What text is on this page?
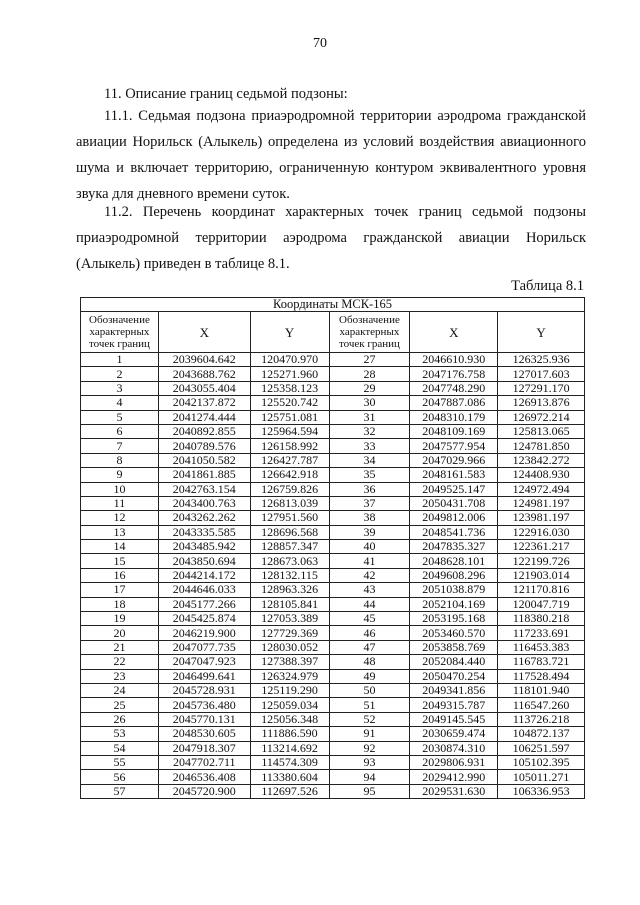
70
11. Описание границ седьмой подзоны:
11.1. Седьмая подзона приаэродромной территории аэродрома гражданской авиации Норильск (Алыкель) определена из условий воздействия авиационного шума и включает территорию, ограниченную контуром эквивалентного уровня звука для дневного времени суток.
11.2. Перечень координат характерных точек границ седьмой подзоны приаэродромной территории аэродрома гражданской авиации Норильск (Алыкель) приведен в таблице 8.1.
Таблица 8.1
Координаты МСК-165					
Обозначение характерных точек границ	X	Y	Обозначение характерных точек границ	X	Y
1	2039604.642	120470.970	27	2046610.930	126325.936
2	2043688.762	125271.960	28	2047176.758	127017.603
3	2043055.404	125358.123	29	2047748.290	127291.170
4	2042137.872	125520.742	30	2047887.086	126913.876
5	2041274.444	125751.081	31	2048310.179	126972.214
6	2040892.855	125964.594	32	2048109.169	125813.065
7	2040789.576	126158.992	33	2047577.954	124781.850
8	2041050.582	126427.787	34	2047029.966	123842.272
9	2041861.885	126642.918	35	2048161.583	124408.930
10	2042763.154	126759.826	36	2049525.147	124972.494
11	2043400.763	126813.039	37	2050431.708	124981.197
12	2043262.262	127951.560	38	2049812.006	123981.197
13	2043335.585	128696.568	39	2048541.736	122916.030
14	2043485.942	128857.347	40	2047835.327	122361.217
15	2043850.694	128673.063	41	2048628.101	122199.726
16	2044214.172	128132.115	42	2049608.296	121903.014
17	2044646.033	128963.326	43	2051038.879	121170.816
18	2045177.266	128105.841	44	2052104.169	120047.719
19	2045425.874	127053.389	45	2053195.168	118380.218
20	2046219.900	127729.369	46	2053460.570	117233.691
21	2047077.735	128030.052	47	2053858.769	116453.383
22	2047047.923	127388.397	48	2052084.440	116783.721
23	2046499.641	126324.979	49	2050470.254	117528.494
24	2045728.931	125119.290	50	2049341.856	118101.940
25	2045736.480	125059.034	51	2049315.787	116547.260
26	2045770.131	125056.348	52	2049145.545	113726.218
53	2048530.605	111886.590	91	2030659.474	104872.137
54	2047918.307	113214.692	92	2030874.310	106251.597
55	2047702.711	114574.309	93	2029806.931	105102.395
56	2046536.408	113380.604	94	2029412.990	105011.271
57	2045720.900	112697.526	95	2029531.630	106336.953
